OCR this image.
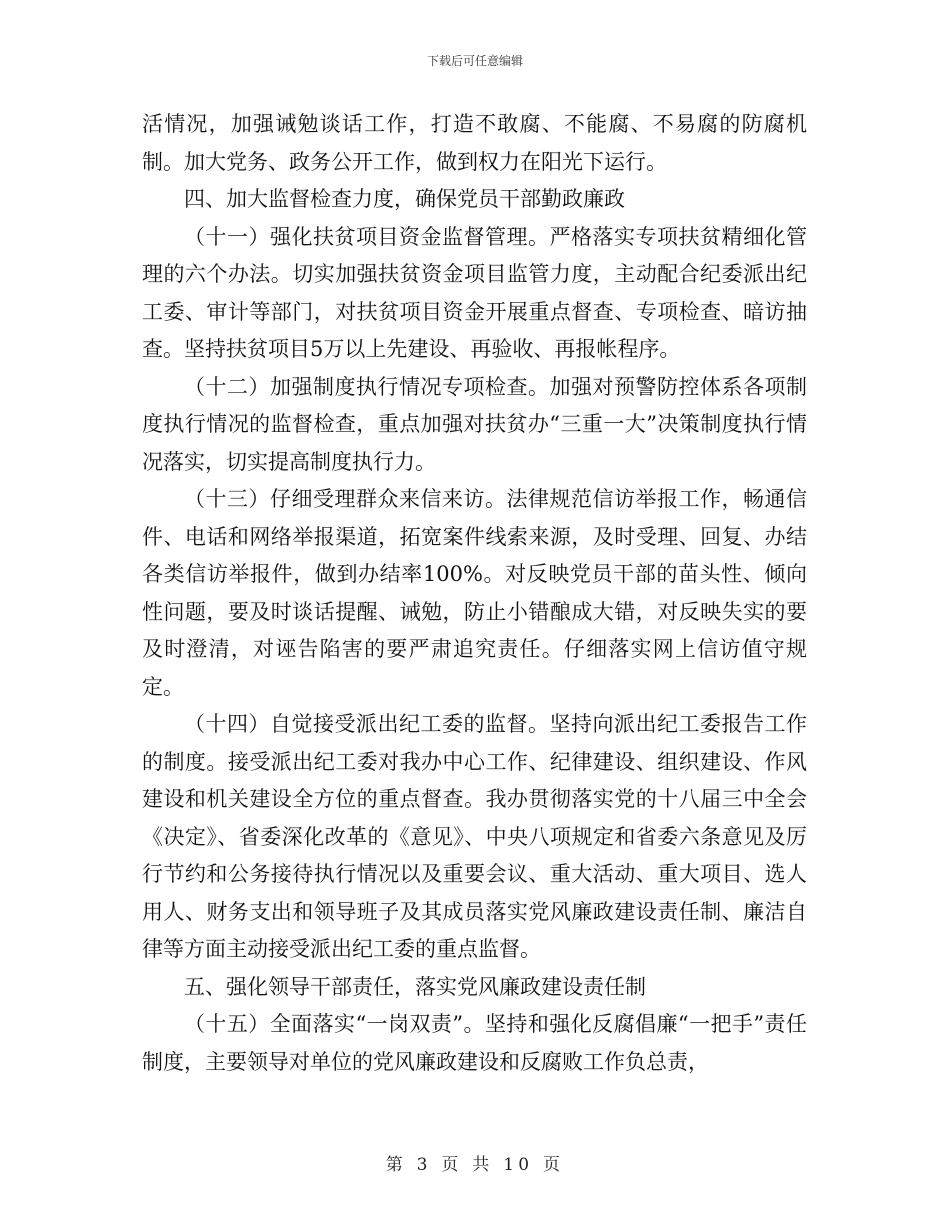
下载后可任意编辑

活情况，加强诫勉谈话工作，打造不敢腐、不能腐、不易腐的防腐机制。加大党务、政务公开工作，做到权力在阳光下运行。

四、加大监督检查力度，确保党员干部勤政廉政

（十一）强化扶贫项目资金监督管理。严格落实专项扶贫精细化管理的六个办法。切实加强扶贫资金项目监管力度，主动配合纪委派出纪工委、审计等部门，对扶贫项目资金开展重点督查、专项检查、暗访抽查。坚持扶贫项目5万以上先建设、再验收、再报帐程序。

（十二）加强制度执行情况专项检查。加强对预警防控体系各项制度执行情况的监督检查，重点加强对扶贫办“三重一大”决策制度执行情况落实，切实提高制度执行力。

（十三）仔细受理群众来信来访。法律规范信访举报工作，畅通信件、电话和网络举报渠道，拓宽案件线索来源，及时受理、回复、办结各类信访举报件，做到办结率100%。对反映党员干部的苗头性、倾向性问题，要及时谈话提醒、诫勉，防止小错酿成大错，对反映失实的要及时澄清，对诬告陷害的要严肃追究责任。仔细落实网上信访值守规定。

（十四）自觉接受派出纪工委的监督。坚持向派出纪工委报告工作的制度。接受派出纪工委对我办中心工作、纪律建设、组织建设、作风建设和机关建设全方位的重点督查。我办贯彻落实党的十八届三中全会《决定》、省委深化改革的《意见》、中央八项规定和省委六条意见及厉行节约和公务接待执行情况以及重要会议、重大活动、重大项目、选人用人、财务支出和领导班子及其成员落实党风廉政建设责任制、廉洁自律等方面主动接受派出纪工委的重点监督。

五、强化领导干部责任，落实党风廉政建设责任制

（十五）全面落实“一岗双责”。坚持和强化反腐倡廉“一把手”责任制度，主要领导对单位的党风廉政建设和反腐败工作负总责，

第 3 页 共 10 页
